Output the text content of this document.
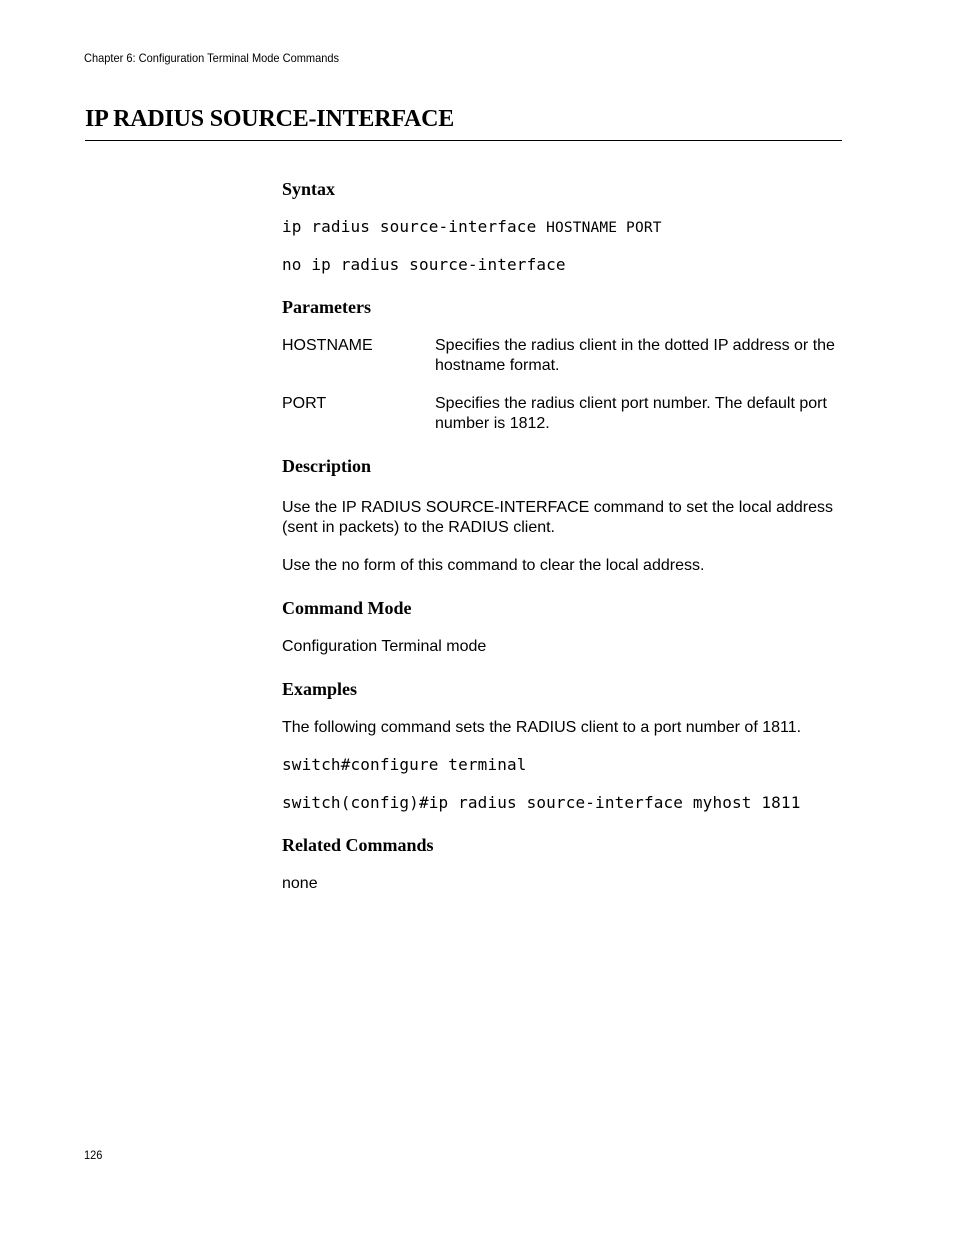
Chapter 6: Configuration Terminal Mode Commands
IP RADIUS SOURCE-INTERFACE
Syntax
ip radius source-interface HOSTNAME PORT
no ip radius source-interface
Parameters
HOSTNAME	Specifies the radius client in the dotted IP address or the hostname format.
PORT	Specifies the radius client port number. The default port number is 1812.
Description

Use the IP RADIUS SOURCE-INTERFACE command to set the local address (sent in packets) to the RADIUS client.

Use the no form of this command to clear the local address.

Command Mode

Configuration Terminal mode

Examples

The following command sets the RADIUS client to a port number of 1811.

switch#configure terminal
switch(config)#ip radius source-interface myhost 1811
Related Commands

none

126
